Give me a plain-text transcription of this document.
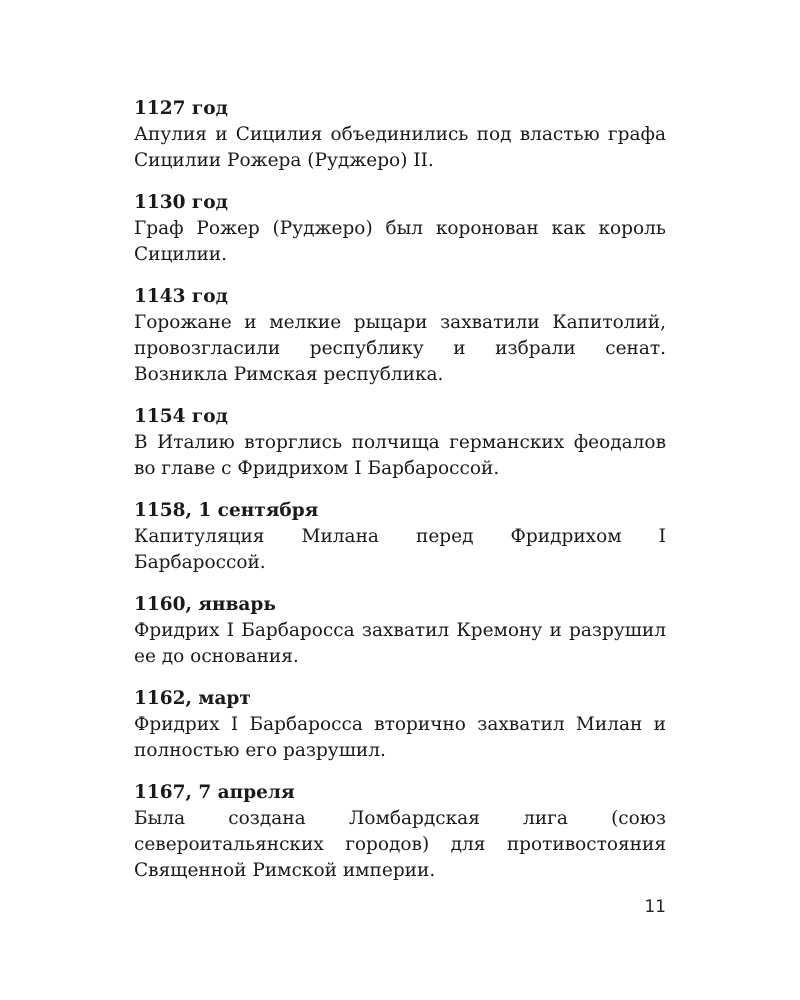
1127 год
Апулия и Сицилия объединились под властью графа Сицилии Рожера (Руджеро) II.
1130 год
Граф Рожер (Руджеро) был коронован как король Сицилии.
1143 год
Горожане и мелкие рыцари захватили Капитолий, провозгласили республику и избрали сенат. Возникла Римская республика.
1154 год
В Италию вторглись полчища германских феодалов во главе с Фридрихом I Барбароссой.
1158, 1 сентября
Капитуляция Милана перед Фридрихом I Барбароссой.
1160, январь
Фридрих I Барбаросса захватил Кремону и разрушил ее до основания.
1162, март
Фридрих I Барбаросса вторично захватил Милан и полностью его разрушил.
1167, 7 апреля
Была создана Ломбардская лига (союз североитальянских городов) для противостояния Священной Римской империи.
11
